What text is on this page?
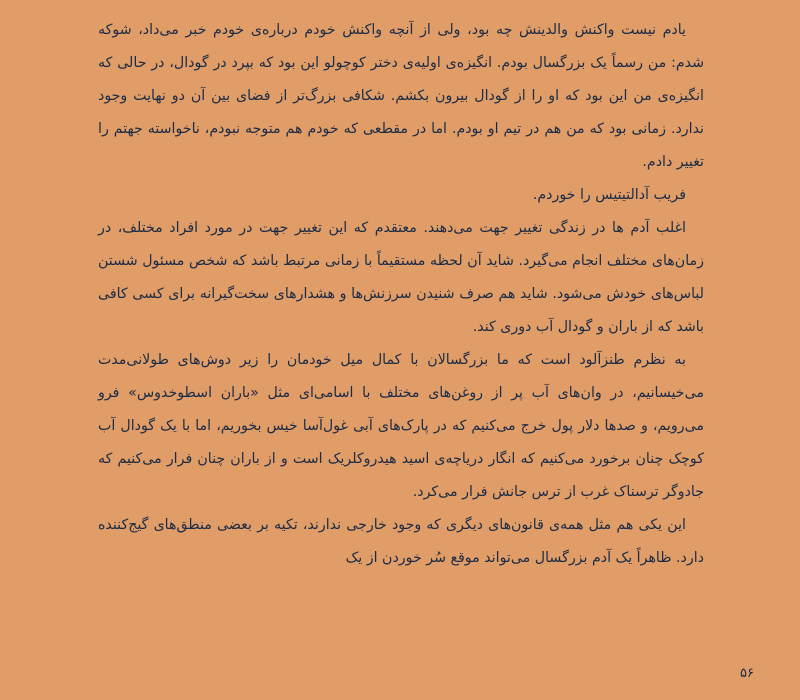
یادم نیست واکنش والدینش چه بود، ولی از آنچه واکنش خودم درباره‌ی خودم خبر می‌داد، شوکه شدم: من رسماً یک بزرگسال بودم. انگیزه‌ی اولیه‌ی دختر کوچولو این بود که بپرد در گودال، در حالی که انگیزه‌ی من این بود که او را از گودال بیرون بکشم. شکافی بزرگ‌تر از فضای بین آن دو نهایت وجود ندارد. زمانی بود که من هم در تیم او بودم. اما در مقطعی که خودم هم متوجه نبودم، ناخواسته جهتم را تغییر دادم.

فریب آدالتیتیس را خوردم.

اغلب آدم ها در زندگی تغییر جهت می‌دهند. معتقدم که این تغییر جهت در مورد افراد مختلف، در زمان‌های مختلف انجام می‌گیرد. شاید آن لحظه مستقیماً با زمانی مرتبط باشد که شخص مسئول شستن لباس‌های خودش می‌شود. شاید هم صرف شنیدن سرزنش‌ها و هشدارهای سخت‌گیرانه برای کسی کافی باشد که از باران و گودال آب دوری کند.

به نظرم طنزآلود است که ما بزرگسالان با کمال میل خودمان را زیر دوش‌های طولانی‌مدت می‌خیسانیم، در وان‌های آب پر از روغن‌های مختلف با اسامی‌ای مثل «باران اسطوخدوس» فرو می‌رویم، و صدها دلار پول خرج می‌کنیم که در پارک‌های آبی غول‌آسا خیس بخوریم، اما با یک گودال آب کوچک چنان برخورد می‌کنیم که انگار دریاچه‌ی اسید هیدروکلریک است و از باران چنان فرار می‌کنیم که جادوگر ترسناک غرب از ترس جانش فرار می‌کرد.

این یکی هم مثل همه‌ی قانون‌های دیگری که وجود خارجی ندارند، تکیه بر بعضی منطق‌های گیج‌کننده دارد. ظاهراً یک آدم بزرگسال می‌تواند موقع سُر خوردن از یک

۵۶
